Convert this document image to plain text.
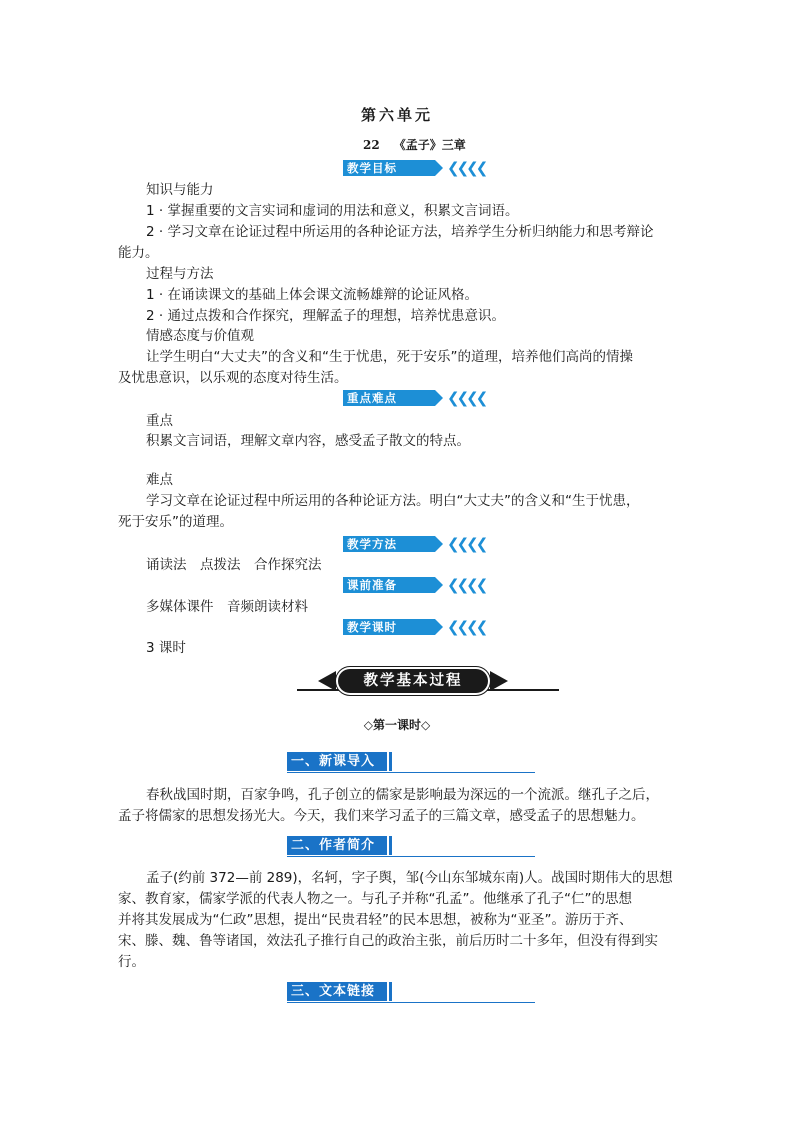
第六单元
22 《孟子》三章
教学目标	❮❮❮❮
知识与能力
1 · 掌握重要的文言实词和虚词的用法和意义，积累文言词语。
2 · 学习文章在论证过程中所运用的各种论证方法，培养学生分析归纳能力和思考辩论
能力。
过程与方法
1 · 在诵读课文的基础上体会课文流畅雄辩的论证风格。
2 · 通过点拨和合作探究，理解孟子的理想，培养忧患意识。
情感态度与价值观
让学生明白“大丈夫”的含义和“生于忧患，死于安乐”的道理，培养他们高尚的情操
及忧患意识，以乐观的态度对待生活。
重点难点	❮❮❮❮
重点
积累文言词语，理解文章内容，感受孟子散文的特点。
难点
学习文章在论证过程中所运用的各种论证方法。明白“大丈夫”的含义和“生于忧患，
死于安乐”的道理。
教学方法	❮❮❮❮
诵读法　点拨法　合作探究法
课前准备	❮❮❮❮
多媒体课件　音频朗读材料
教学课时	❮❮❮❮
3 课时
教学基本过程
◇第一课时◇
一、新课导入
春秋战国时期，百家争鸣，孔子创立的儒家是影响最为深远的一个流派。继孔子之后，
孟子将儒家的思想发扬光大。今天，我们来学习孟子的三篇文章，感受孟子的思想魅力。
二、作者简介
孟子(约前 372—前 289)，名轲，字子舆，邹(今山东邹城东南)人。战国时期伟大的思想
家、教育家，儒家学派的代表人物之一。与孔子并称“孔孟”。他继承了孔子“仁”的思想
并将其发展成为“仁政”思想，提出“民贵君轻”的民本思想，被称为“亚圣”。游历于齐、
宋、滕、魏、鲁等诸国，效法孔子推行自己的政治主张，前后历时二十多年，但没有得到实
行。
三、文本链接
